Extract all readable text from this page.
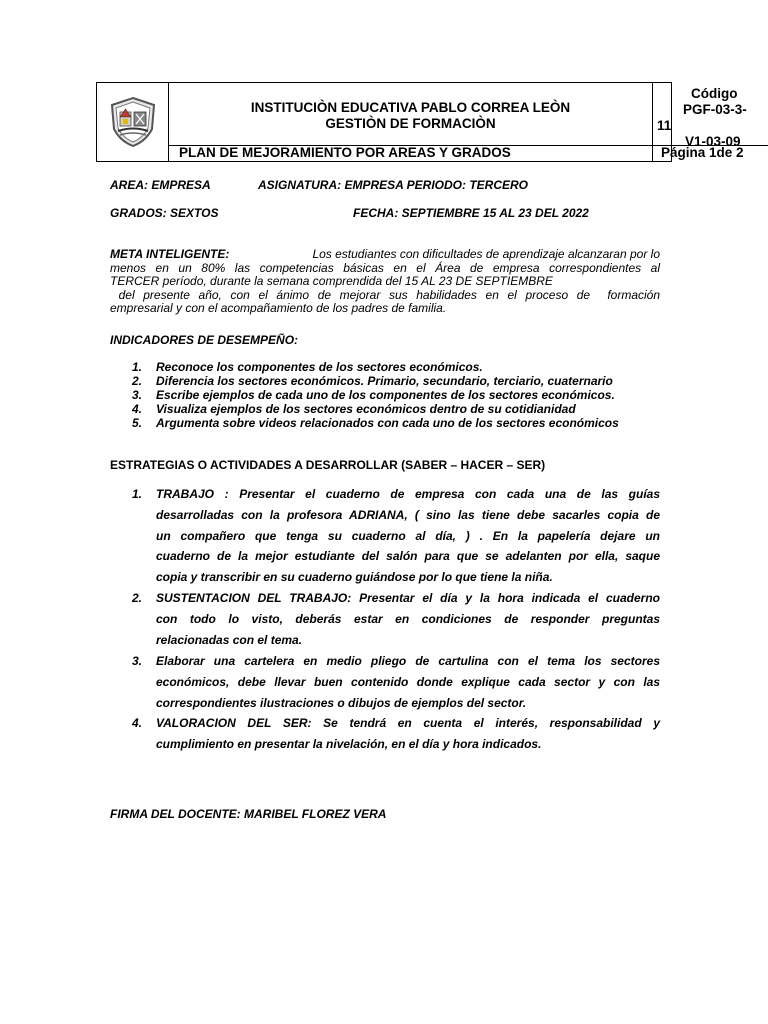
INSTITUCIÒN EDUCATIVA PABLO CORREA LEÒN
GESTIÒN DE FORMACIÒN
PLAN DE MEJORAMIENTO POR AREAS Y GRADOS
Código
PGF-03-3-
11
V1-03-09
Página 1de 2
AREA: EMPRESA	ASIGNATURA: EMPRESA PERIODO: TERCERO
GRADOS: SEXTOS	FECHA: SEPTIEMBRE 15 AL 23 DEL 2022
META INTELIGENTE:	Los estudiantes con dificultades de aprendizaje alcanzaran por lo
menos en un 80% las competencias básicas en el Área de empresa correspondientes al
TERCER período, durante la semana comprendida del 15 AL 23 DE SEPTIEMBRE
del presente año, con el ánimo de mejorar sus habilidades en el proceso de  formación
empresarial y con el acompañamiento de los padres de familia.
INDICADORES DE DESEMPEÑO:
1. Reconoce los componentes de los sectores económicos.
2. Diferencia los sectores económicos. Primario, secundario, terciario, cuaternario
3. Escribe ejemplos de cada uno de los componentes de los sectores económicos.
4. Visualiza ejemplos de los sectores económicos dentro de su cotidianidad
5. Argumenta sobre videos relacionados con cada uno de los sectores económicos
ESTRATEGIAS O ACTIVIDADES A DESARROLLAR (SABER – HACER – SER)
1. TRABAJO : Presentar el cuaderno de empresa con cada una de las guías
desarrolladas con la profesora ADRIANA, ( sino las tiene debe sacarles copia de
un compañero que tenga su cuaderno al día, ) . En la papelería dejare un
cuaderno de la mejor estudiante del salón para que se adelanten por ella, saque
copia y transcribir en su cuaderno guiándose por lo que tiene la niña.
2. SUSTENTACION DEL TRABAJO: Presentar el día y la hora indicada el cuaderno
con todo lo visto, deberás estar en condiciones de responder preguntas
relacionadas con el tema.
3. Elaborar una cartelera en medio pliego de cartulina con el tema los sectores
económicos, debe llevar buen contenido donde explique cada sector y con las
correspondientes ilustraciones o dibujos de ejemplos del sector.
4. VALORACION DEL SER: Se tendrá en cuenta el interés, responsabilidad y
cumplimiento en presentar la nivelación, en el día y hora indicados.
FIRMA DEL DOCENTE: MARIBEL FLOREZ VERA
